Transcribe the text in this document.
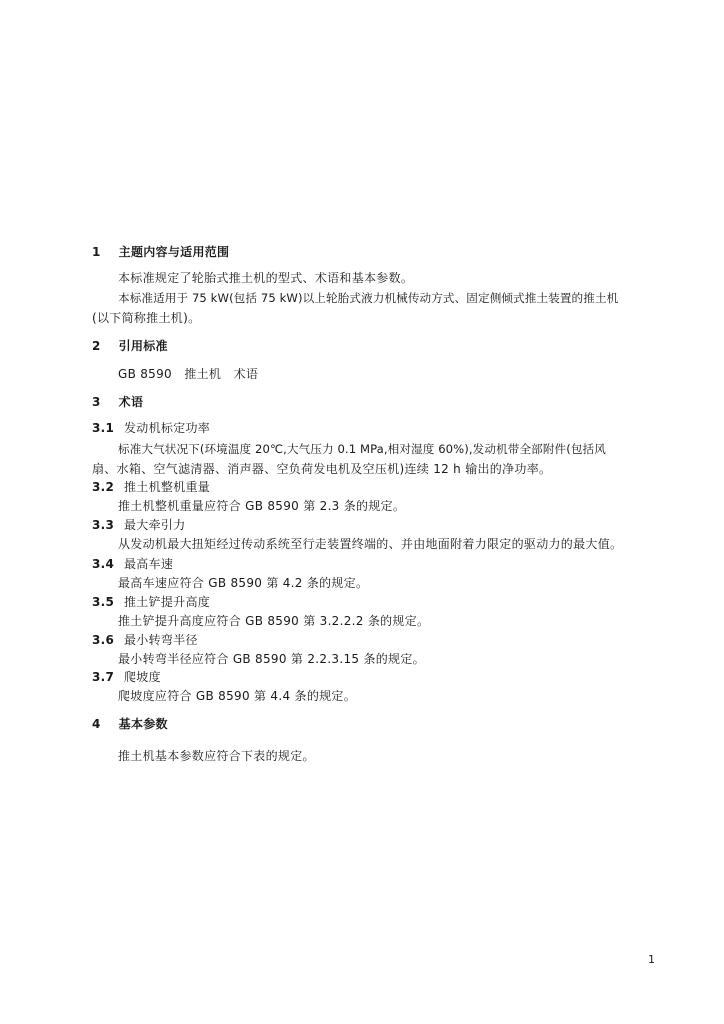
1 主题内容与适用范围
本标准规定了轮胎式推土机的型式、术语和基本参数。
本标准适用于 75 kW(包括 75 kW)以上轮胎式液力机械传动方式、固定侧倾式推土装置的推土机
(以下简称推土机)。
2 引用标准
GB 8590   推土机   术语
3 术语
3.1 发动机标定功率
标准大气状况下(环境温度 20℃,大气压力 0.1 MPa,相对湿度 60%),发动机带全部附件(包括风
扇、水箱、空气滤清器、消声器、空负荷发电机及空压机)连续 12 h 输出的净功率。
3.2 推土机整机重量
推土机整机重量应符合 GB 8590 第 2.3 条的规定。
3.3 最大牵引力
从发动机最大扭矩经过传动系统至行走装置终端的、并由地面附着力限定的驱动力的最大值。
3.4 最高车速
最高车速应符合 GB 8590 第 4.2 条的规定。
3.5 推土铲提升高度
推土铲提升高度应符合 GB 8590 第 3.2.2.2 条的规定。
3.6 最小转弯半径
最小转弯半径应符合 GB 8590 第 2.2.3.15 条的规定。
3.7 爬坡度
爬坡度应符合 GB 8590 第 4.4 条的规定。
4 基本参数
推土机基本参数应符合下表的规定。
1
